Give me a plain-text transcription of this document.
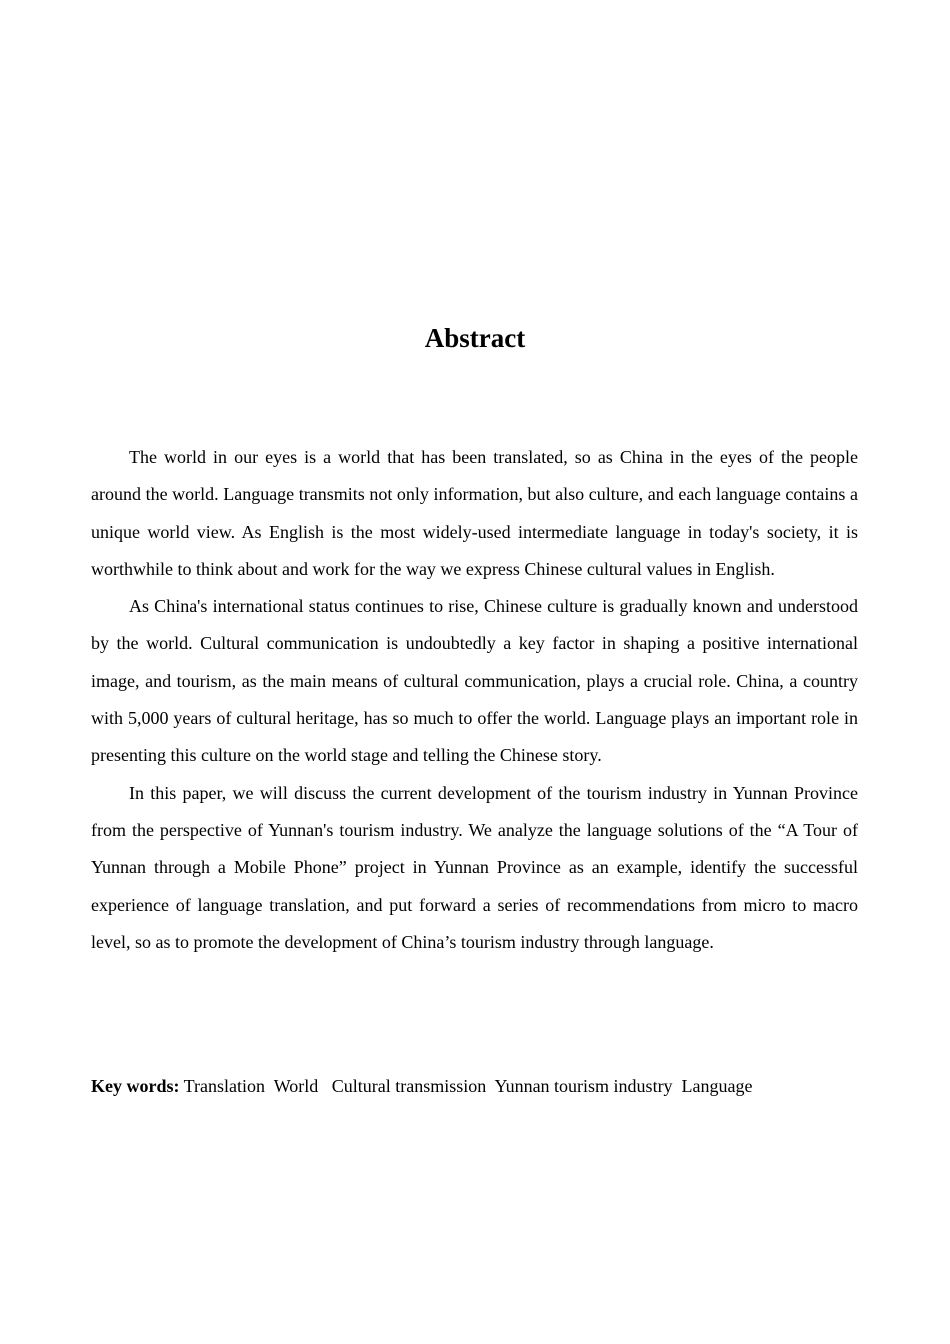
Abstract

The world in our eyes is a world that has been translated, so as China in the eyes of the people around the world. Language transmits not only information, but also culture, and each language contains a unique world view. As English is the most widely-used intermediate language in today's society, it is worthwhile to think about and work for the way we express Chinese cultural values in English.

As China's international status continues to rise, Chinese culture is gradually known and understood by the world. Cultural communication is undoubtedly a key factor in shaping a positive international image, and tourism, as the main means of cultural communication, plays a crucial role. China, a country with 5,000 years of cultural heritage, has so much to offer the world. Language plays an important role in presenting this culture on the world stage and telling the Chinese story.

In this paper, we will discuss the current development of the tourism industry in Yunnan Province from the perspective of Yunnan's tourism industry. We analyze the language solutions of the “A Tour of Yunnan through a Mobile Phone” project in Yunnan Province as an example, identify the successful experience of language translation, and put forward a series of recommendations from micro to macro level, so as to promote the development of China’s tourism industry through language.

Key words: Translation  World   Cultural transmission  Yunnan tourism industry  Language
